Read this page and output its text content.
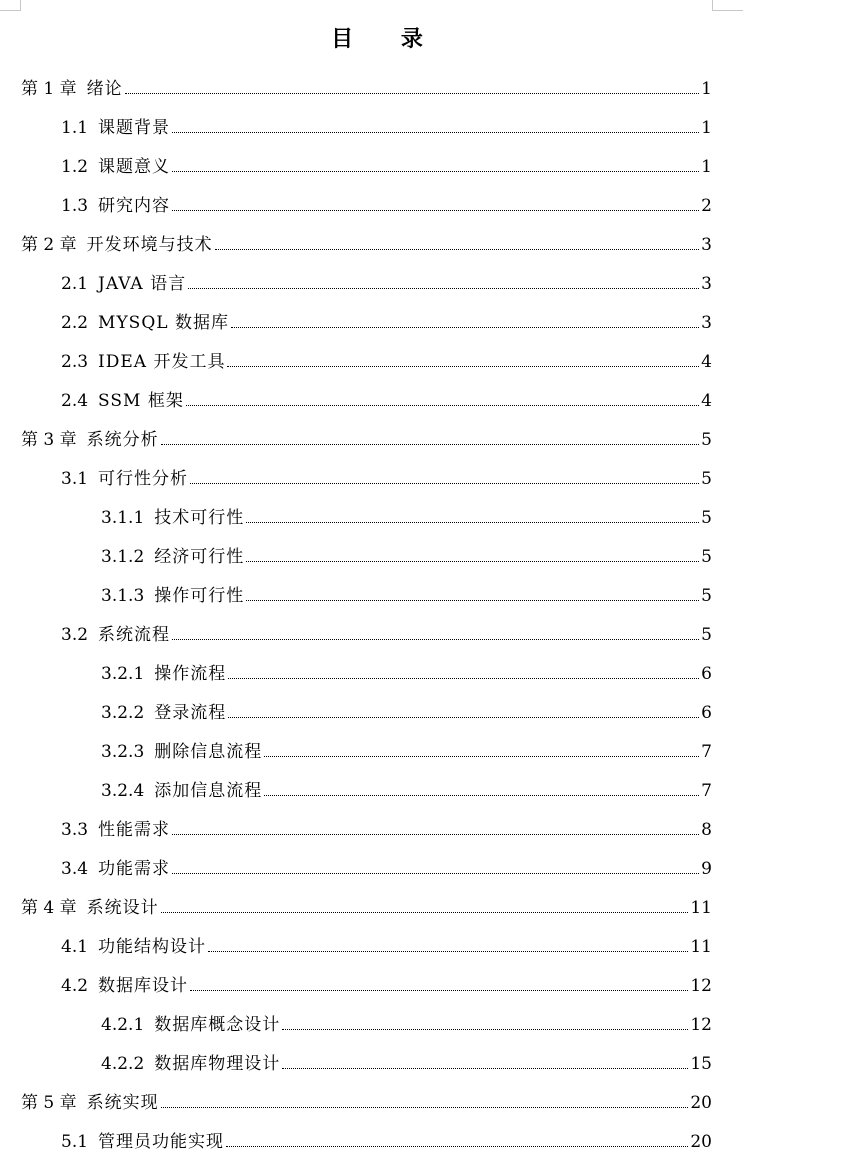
目 录
第 1 章 绪论	1
1.1 课题背景	1
1.2 课题意义	1
1.3 研究内容	2
第 2 章 开发环境与技术	3
2.1 JAVA 语言	3
2.2 MYSQL 数据库	3
2.3 IDEA 开发工具	4
2.4 SSM 框架	4
第 3 章 系统分析	5
3.1 可行性分析	5
3.1.1 技术可行性	5
3.1.2 经济可行性	5
3.1.3 操作可行性	5
3.2 系统流程	5
3.2.1 操作流程	6
3.2.2 登录流程	6
3.2.3 删除信息流程	7
3.2.4 添加信息流程	7
3.3 性能需求	8
3.4 功能需求	9
第 4 章 系统设计	11
4.1 功能结构设计	11
4.2 数据库设计	12
4.2.1 数据库概念设计	12
4.2.2 数据库物理设计	15
第 5 章 系统实现	20
5.1 管理员功能实现	20
